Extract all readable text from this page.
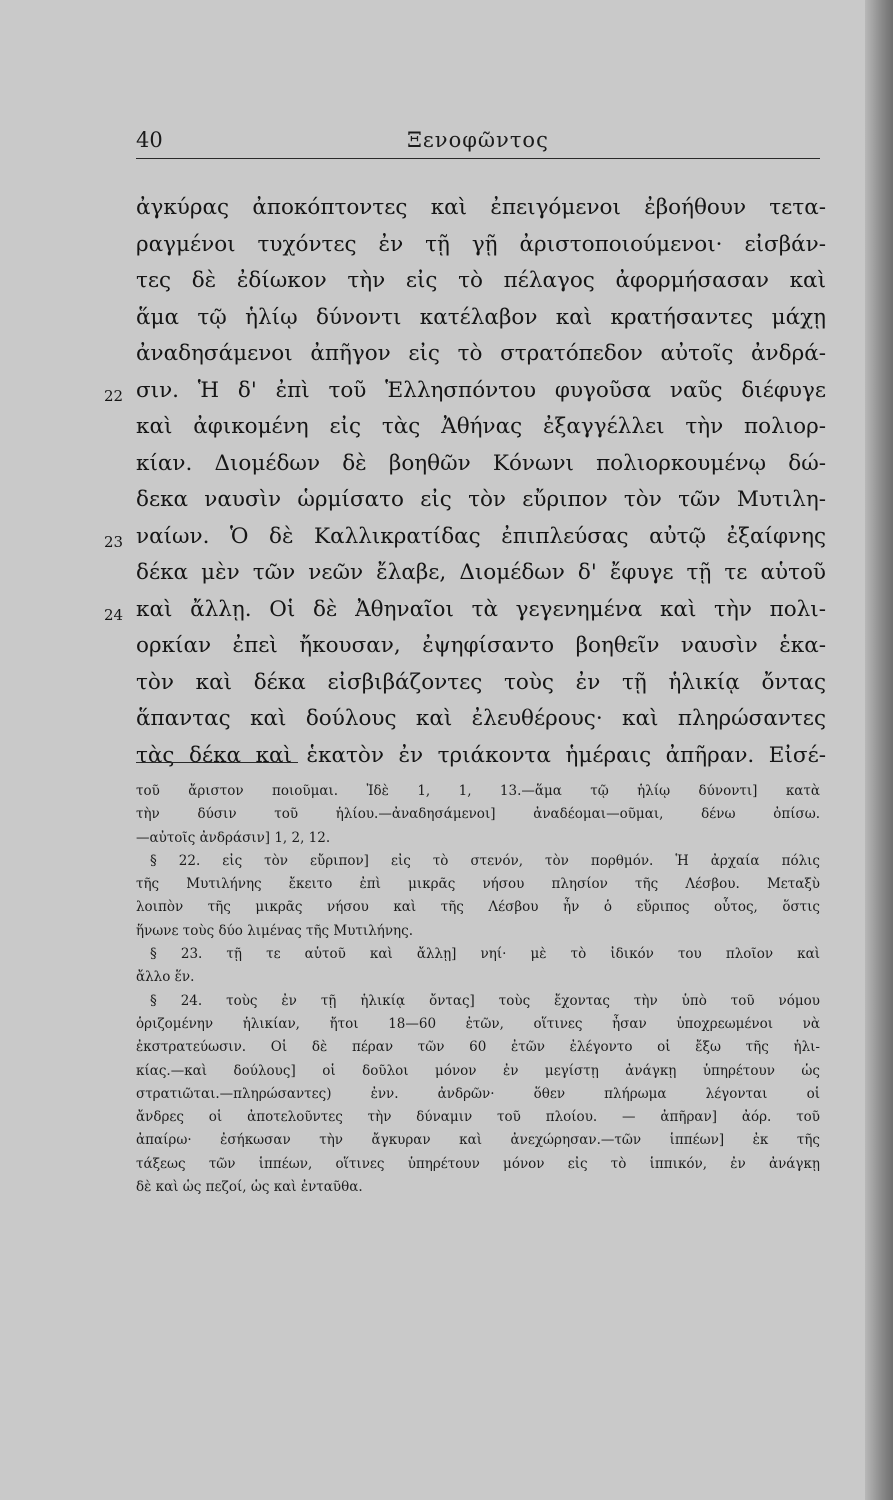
40	Ξενοφῶντος
ἀγκύρας ἀποκόπτοντες καὶ ἐπειγόμενοι ἐβοήθουν τετα-
ραγμένοι τυχόντες ἐν τῇ γῇ ἀριστοποιούμενοι· εἰσβάν-
τες δὲ ἐδίωκον τὴν εἰς τὸ πέλαγος ἀφορμήσασαν καὶ
ἅμα τῷ ἡλίῳ δύνοντι κατέλαβον καὶ κρατήσαντες μάχῃ
ἀναδησάμενοι ἀπῆγον εἰς τὸ στρατόπεδον αὐτοῖς ἀνδρά-
22 σιν. Ἡ δ' ἐπὶ τοῦ Ἑλλησπόντου φυγοῦσα ναῦς διέφυγε
καὶ ἀφικομένη εἰς τὰς Ἀθήνας ἐξαγγέλλει τὴν πολιορ-
κίαν. Διομέδων δὲ βοηθῶν Κόνωνι πολιορκουμένῳ δώ-
δεκα ναυσὶν ὡρμίσατο εἰς τὸν εὔριπον τὸν τῶν Μυτιλη-
23 ναίων. Ὁ δὲ Καλλικρατίδας ἐπιπλεύσας αὐτῷ ἐξαίφνης
δέκα μὲν τῶν νεῶν ἔλαβε, Διομέδων δ' ἔφυγε τῇ τε αὑτοῦ
24 καὶ ἄλλῃ. Οἱ δὲ Ἀθηναῖοι τὰ γεγενημένα καὶ τὴν πολι-
ορκίαν ἐπεὶ ἤκουσαν, ἐψηφίσαντο βοηθεῖν ναυσὶν ἑκα-
τὸν καὶ δέκα εἰσβιβάζοντες τοὺς ἐν τῇ ἡλικίᾳ ὄντας
ἅπαντας καὶ δούλους καὶ ἐλευθέρους· καὶ πληρώσαντες
τὰς δέκα καὶ ἑκατὸν ἐν τριάκοντα ἡμέραις ἀπῆραν. Εἰσέ-
τοῦ ἄριστον ποιοῦμαι. Ἰδὲ 1, 1, 13.—ἅμα τῷ ἡλίῳ δύνοντι] κατὰ
τὴν δύσιν τοῦ ἡλίου.—ἀναδησάμενοι] ἀναδέομαι—οῦμαι, δένω ὀπίσω.
—αὐτοῖς ἀνδράσιν] 1, 2, 12.
§ 22. εἰς τὸν εὔριπον] εἰς τὸ στενόν, τὸν πορθμόν. Ἡ ἀρχαία πόλις
τῆς Μυτιλήνης ἔκειτο ἐπὶ μικρᾶς νήσου πλησίον τῆς Λέσβου. Μεταξὺ
λοιπὸν τῆς μικρᾶς νήσου καὶ τῆς Λέσβου ἦν ὁ εὔριπος οὗτος, ὅστις
ἥνωνε τοὺς δύο λιμένας τῆς Μυτιλήνης.
§ 23. τῇ τε αὑτοῦ καὶ ἄλλῃ] νηί· μὲ τὸ ἰδικόν του πλοῖον καὶ
ἄλλο ἕν.
§ 24. τοὺς ἐν τῇ ἡλικίᾳ ὄντας] τοὺς ἔχοντας τὴν ὑπὸ τοῦ νόμου
ὁριζομένην ἡλικίαν, ἤτοι 18—60 ἐτῶν, οἵτινες ἦσαν ὑποχρεωμένοι νὰ
ἐκστρατεύωσιν. Οἱ δὲ πέραν τῶν 60 ἐτῶν ἐλέγοντο οἱ ἔξω τῆς ἡλι-
κίας.—καὶ δούλους] οἱ δοῦλοι μόνον ἐν μεγίστῃ ἀνάγκῃ ὑπηρέτουν ὡς
στρατιῶται.—πληρώσαντες) ἐνν. ἀνδρῶν· ὅθεν πλήρωμα λέγονται οἱ
ἄνδρες οἱ ἀποτελοῦντες τὴν δύναμιν τοῦ πλοίου. — ἀπῆραν] ἀόρ. τοῦ
ἀπαίρω· ἐσήκωσαν τὴν ἄγκυραν καὶ ἀνεχώρησαν.—τῶν ἱππέων] ἐκ τῆς
τάξεως τῶν ἱππέων, οἵτινες ὑπηρέτουν μόνον εἰς τὸ ἱππικόν, ἐν ἀνάγκῃ
δὲ καὶ ὡς πεζοί, ὡς καὶ ἐνταῦθα.
